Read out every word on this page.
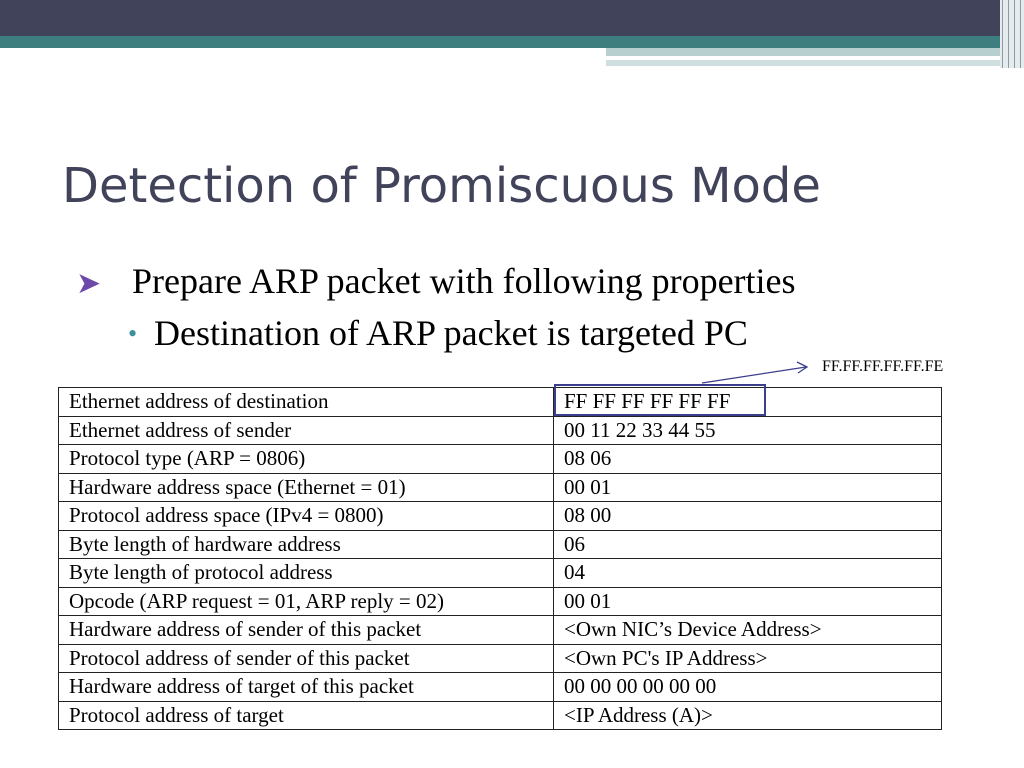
Detection of Promiscuous Mode
➤ Prepare ARP packet with following properties
• Destination of ARP packet is targeted PC
FF.FF.FF.FF.FF.FE
Ethernet address of destination	FF FF FF FF FF FF
Ethernet address of sender	00 11 22 33 44 55
Protocol type (ARP = 0806)	08 06
Hardware address space (Ethernet = 01)	00 01
Protocol address space (IPv4 = 0800)	08 00
Byte length of hardware address	06
Byte length of protocol address	04
Opcode (ARP request = 01, ARP reply = 02)	00 01
Hardware address of sender of this packet	<Own NIC’s Device Address>
Protocol address of sender of this packet	<Own PC's IP Address>
Hardware address of target of this packet	00 00 00 00 00 00
Protocol address of target	<IP Address (A)>
